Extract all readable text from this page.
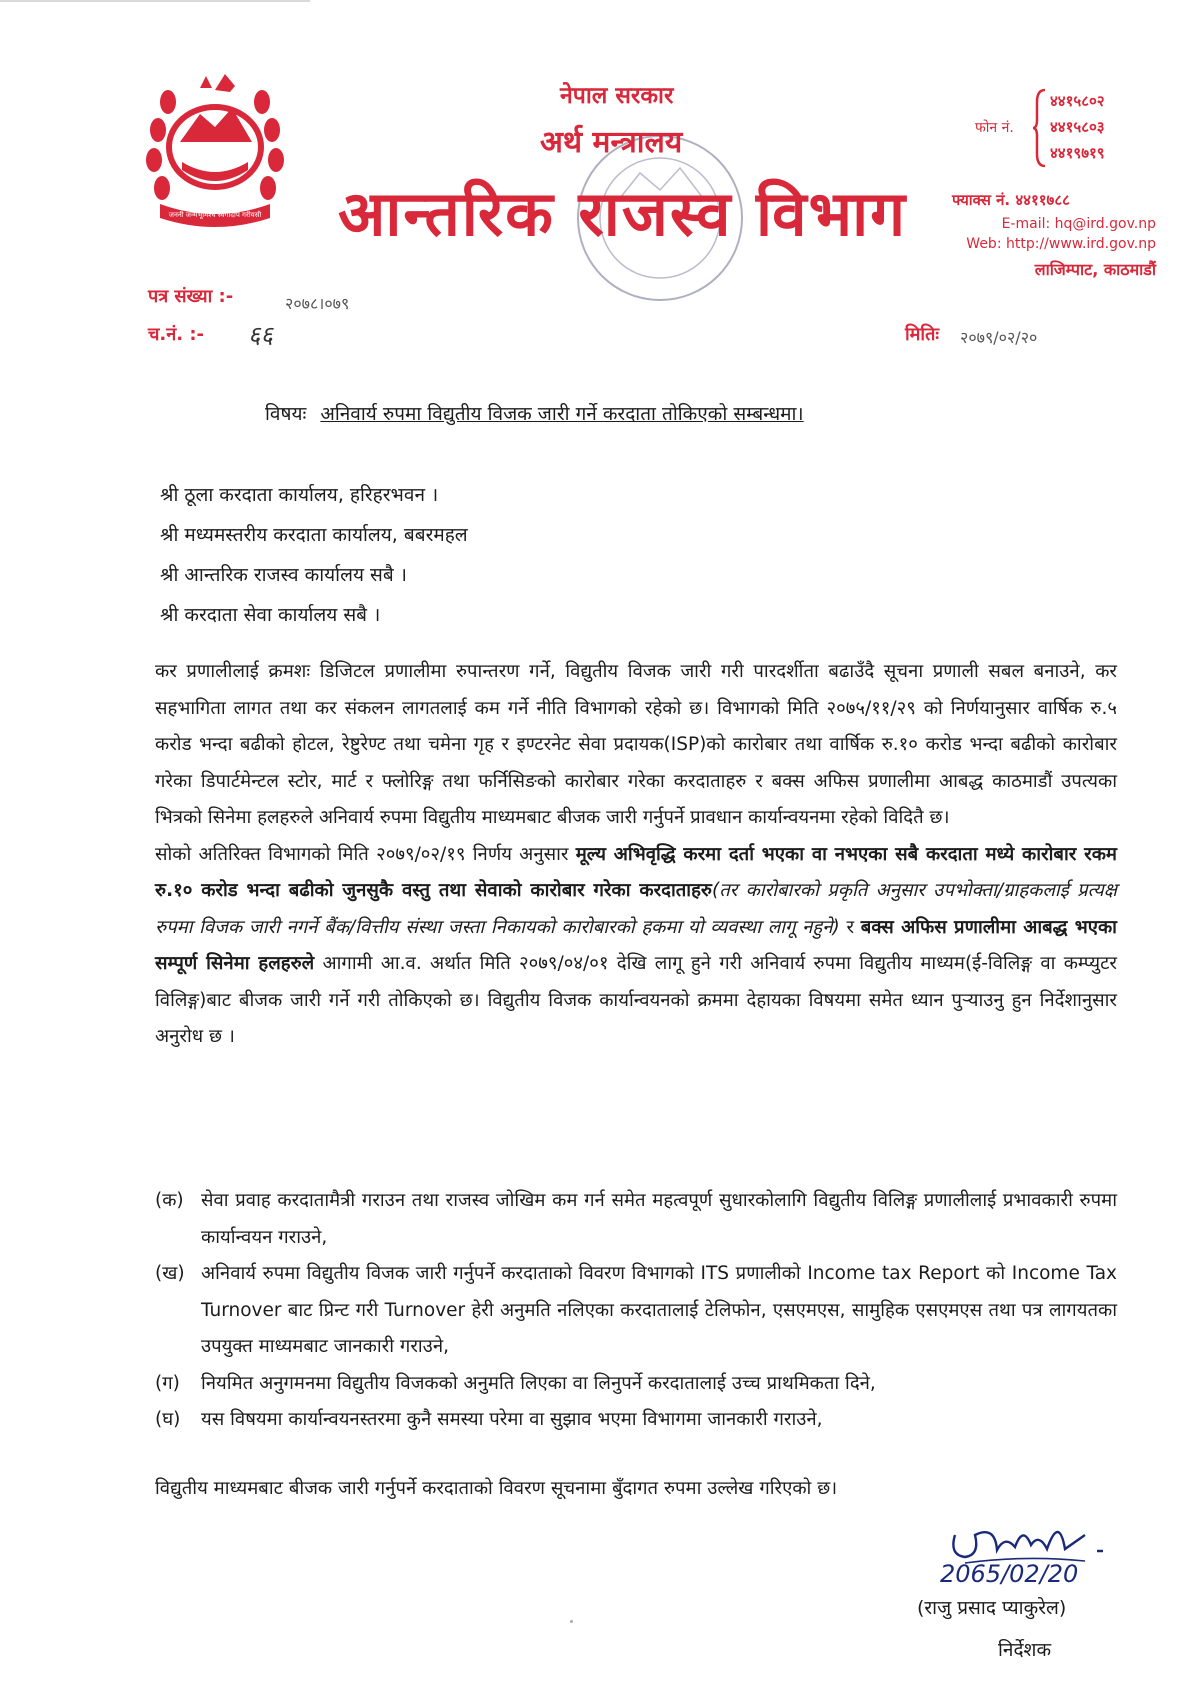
जननी जन्मभूमिश्च स्वर्गादपि गरीयसी
नेपाल सरकार
अर्थ मन्त्रालय
आन्तरिक राजस्व विभाग
फोन नं.
४४१५८०२
४४१५८०३
४४१९७१९
फ्याक्स नं. ४४११७८८
E-mail: hq@ird.gov.np
Web: http://www.ird.gov.np
लाजिम्पाट, काठमाडौं
पत्र संख्या :-	२०७८।०७९
च.नं. :- ६६	मितिः २०७९/०२/२०
विषयः अनिवार्य रुपमा विद्युतीय विजक जारी गर्ने करदाता तोकिएको सम्बन्धमा।
श्री ठूला करदाता कार्यालय, हरिहरभवन ।
श्री मध्यमस्तरीय करदाता कार्यालय, बबरमहल
श्री आन्तरिक राजस्व कार्यालय सबै ।
श्री करदाता सेवा कार्यालय सबै ।

कर प्रणालीलाई क्रमशः डिजिटल प्रणालीमा रुपान्तरण गर्ने, विद्युतीय विजक जारी गरी पारदर्शीता बढाउँदै सूचना प्रणाली सबल बनाउने, कर सहभागिता लागत तथा कर संकलन लागतलाई कम गर्ने नीति विभागको रहेको छ। विभागको मिति २०७५/११/२९ को निर्णयानुसार वार्षिक रु.५ करोड भन्दा बढीको होटल, रेष्टुरेण्ट तथा चमेना गृह र इण्टरनेट सेवा प्रदायक(ISP)को कारोबार तथा वार्षिक रु.१० करोड भन्दा बढीको कारोबार गरेका डिपार्टमेन्टल स्टोर, मार्ट र फ्लोरिङ्ग तथा फर्निसिङको कारोबार गरेका करदाताहरु र बक्स अफिस प्रणालीमा आबद्ध काठमाडौं उपत्यका भित्रको सिनेमा हलहरुले अनिवार्य रुपमा विद्युतीय माध्यमबाट बीजक जारी गर्नुपर्ने प्रावधान कार्यान्वयनमा रहेको विदितै छ।

सोको अतिरिक्त विभागको मिति २०७९/०२/१९ निर्णय अनुसार मूल्य अभिवृद्धि करमा दर्ता भएका वा नभएका सबै करदाता मध्ये कारोबार रकम रु.१० करोड भन्दा बढीको जुनसुकै वस्तु तथा सेवाको कारोबार गरेका करदाताहरु(तर कारोबारको प्रकृति अनुसार उपभोक्ता/ग्राहकलाई प्रत्यक्ष रुपमा विजक जारी नगर्ने बैंक/वित्तीय संस्था जस्ता निकायको कारोबारको हकमा यो व्यवस्था लागू नहुने) र बक्स अफिस प्रणालीमा आबद्ध भएका सम्पूर्ण सिनेमा हलहरुले आगामी आ.व. अर्थात मिति २०७९/०४/०१ देखि लागू हुने गरी अनिवार्य रुपमा विद्युतीय माध्यम(ई-विलिङ्ग वा कम्प्युटर विलिङ्ग)बाट बीजक जारी गर्ने गरी तोकिएको छ। विद्युतीय विजक कार्यान्वयनको क्रममा देहायका विषयमा समेत ध्यान पुऱ्याउनु हुन निर्देशानुसार अनुरोध छ ।

(क) सेवा प्रवाह करदातामैत्री गराउन तथा राजस्व जोखिम कम गर्न समेत महत्वपूर्ण सुधारकोलागि विद्युतीय विलिङ्ग प्रणालीलाई प्रभावकारी रुपमा कार्यान्वयन गराउने,
(ख) अनिवार्य रुपमा विद्युतीय विजक जारी गर्नुपर्ने करदाताको विवरण विभागको ITS प्रणालीको Income tax Report को Income Tax Turnover बाट प्रिन्ट गरी Turnover हेरी अनुमति नलिएका करदातालाई टेलिफोन, एसएमएस, सामुहिक एसएमएस तथा पत्र लागयतका उपयुक्त माध्यमबाट जानकारी गराउने,
(ग)	नियमित अनुगमनमा विद्युतीय विजकको अनुमति लिएका वा लिनुपर्ने करदातालाई उच्च प्राथमिकता दिने,
(घ)	यस विषयमा कार्यान्वयनस्तरमा कुनै समस्या परेमा वा सुझाव भएमा विभागमा जानकारी गराउने,
विद्युतीय माध्यमबाट बीजक जारी गर्नुपर्ने करदाताको विवरण सूचनामा बुँदागत रुपमा उल्लेख गरिएको छ।
2065/02/20
(राजु प्रसाद प्याकुरेल)
निर्देशक
